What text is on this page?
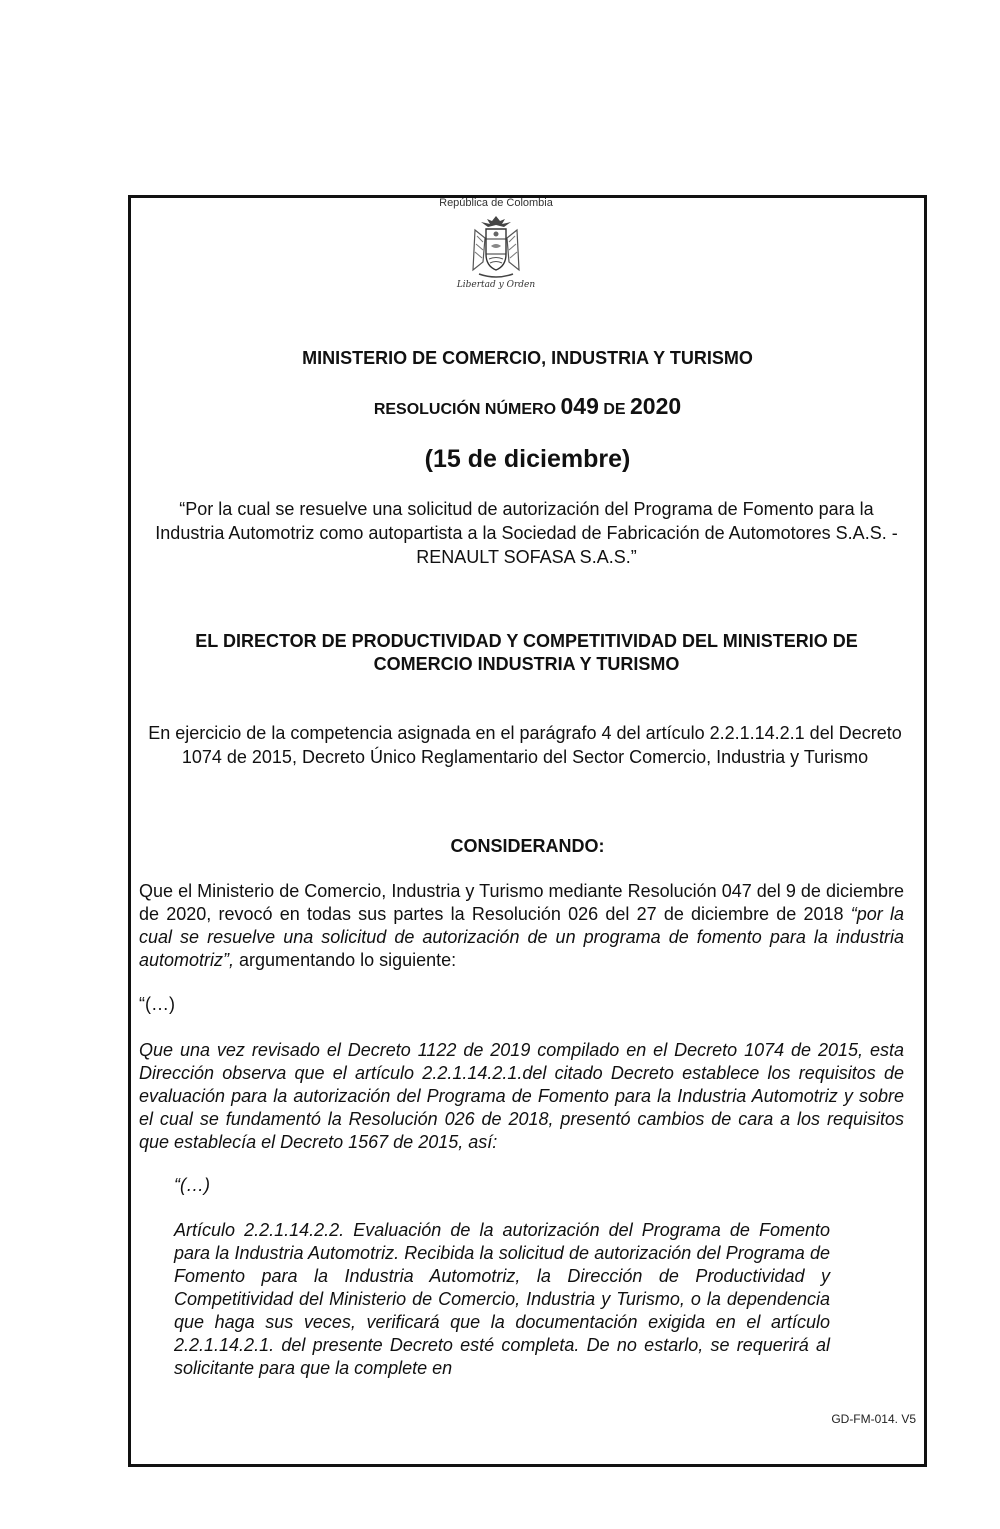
República de Colombia
Libertad y Orden
MINISTERIO DE COMERCIO, INDUSTRIA Y TURISMO
RESOLUCIÓN NÚMERO 049 DE 2020
(15 de diciembre)
“Por la cual se resuelve una solicitud de autorización del Programa de Fomento para la Industria Automotriz como autopartista a la Sociedad de Fabricación de Automotores S.A.S. - RENAULT SOFASA S.A.S.”
EL DIRECTOR DE PRODUCTIVIDAD Y COMPETITIVIDAD DEL MINISTERIO DE COMERCIO INDUSTRIA Y TURISMO
En ejercicio de la competencia asignada en el parágrafo 4 del artículo 2.2.1.14.2.1 del Decreto 1074 de 2015, Decreto Único Reglamentario del Sector Comercio, Industria y Turismo
CONSIDERANDO:
Que el Ministerio de Comercio, Industria y Turismo mediante Resolución 047 del 9 de diciembre de 2020, revocó en todas sus partes la Resolución 026 del 27 de diciembre de 2018 “por la cual se resuelve una solicitud de autorización de un programa de fomento para la industria automotriz”, argumentando lo siguiente:
“(…)
Que una vez revisado el Decreto 1122 de 2019 compilado en el Decreto 1074 de 2015, esta Dirección observa que el artículo 2.2.1.14.2.1.del citado Decreto establece los requisitos de evaluación para la autorización del Programa de Fomento para la Industria Automotriz y sobre el cual se fundamentó la Resolución 026 de 2018, presentó cambios de cara a los requisitos que establecía el Decreto 1567 de 2015, así:
“(…)
Artículo 2.2.1.14.2.2. Evaluación de la autorización del Programa de Fomento para la Industria Automotriz. Recibida la solicitud de autorización del Programa de Fomento para la Industria Automotriz, la Dirección de Productividad y Competitividad del Ministerio de Comercio, Industria y Turismo, o la dependencia que haga sus veces, verificará que la documentación exigida en el artículo 2.2.1.14.2.1. del presente Decreto esté completa. De no estarlo, se requerirá al solicitante para que la complete en
GD-FM-014. V5
